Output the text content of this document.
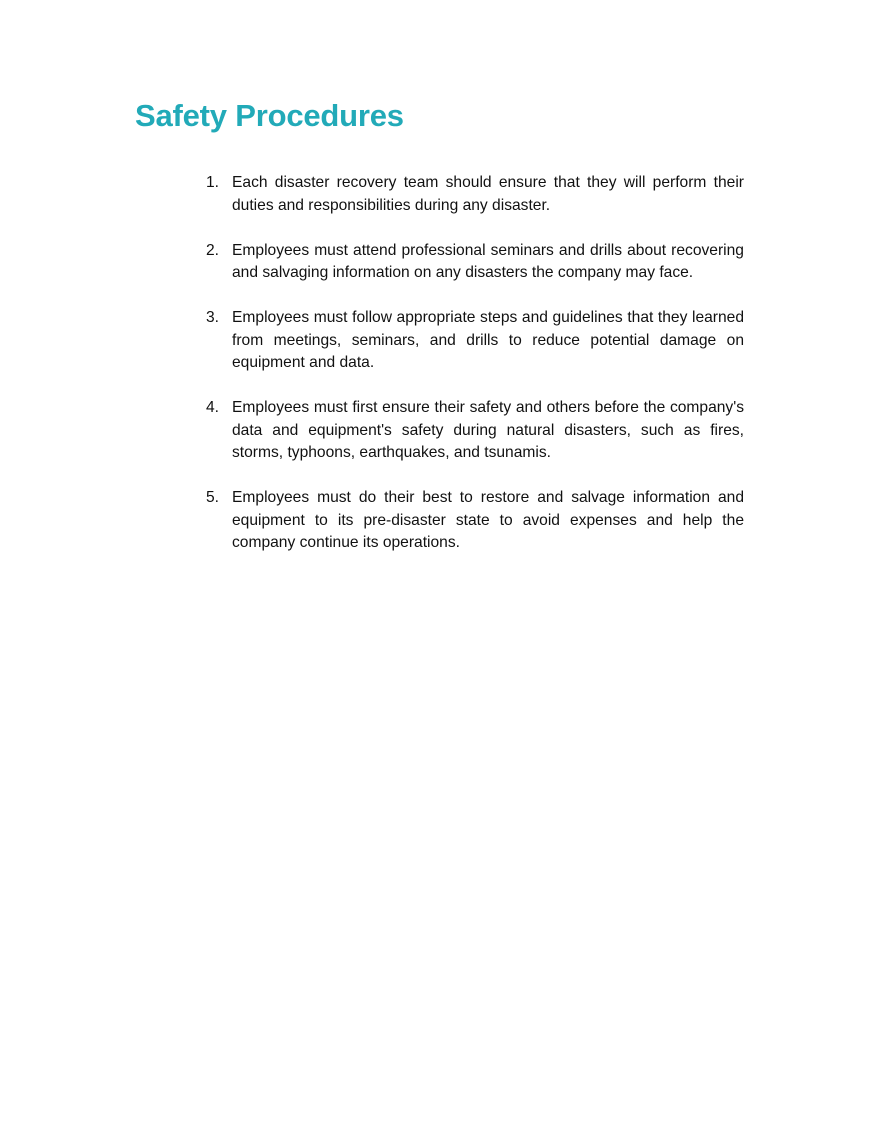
Safety Procedures
1. Each disaster recovery team should ensure that they will perform their duties and responsibilities during any disaster.
2. Employees must attend professional seminars and drills about recovering and salvaging information on any disasters the company may face.
3. Employees must follow appropriate steps and guidelines that they learned from meetings, seminars, and drills to reduce potential damage on equipment and data.
4. Employees must first ensure their safety and others before the company's data and equipment's safety during natural disasters, such as fires, storms, typhoons, earthquakes, and tsunamis.
5. Employees must do their best to restore and salvage information and equipment to its pre-disaster state to avoid expenses and help the company continue its operations.
